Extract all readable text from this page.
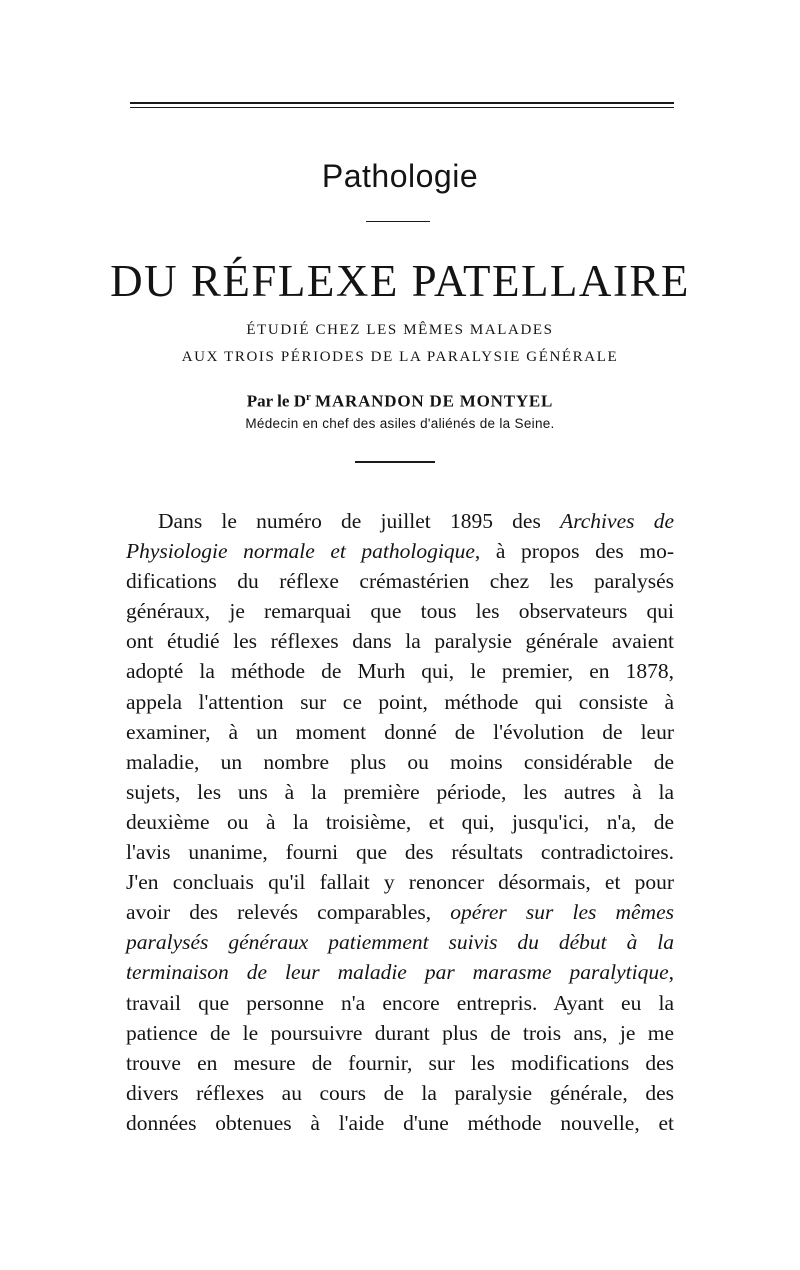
Pathologie
DU RÉFLEXE PATELLAIRE
ÉTUDIÉ CHEZ LES MÊMES MALADES
AUX TROIS PÉRIODES DE LA PARALYSIE GÉNÉRALE
Par le $D^r$ MARANDON DE MONTYEL
Médecin en chef des asiles d'aliénés de la Seine.
Dans le numéro de juillet 1895 des Archives de
Physiologie normale et pathologique, à propos des mo-
difications du réflexe crémastérien chez les paralysés
généraux, je remarquai que tous les observateurs qui
ont étudié les réflexes dans la paralysie générale avaient
adopté la méthode de Murh qui, le premier, en 1878,
appela l'attention sur ce point, méthode qui consiste à
examiner, à un moment donné de l'évolution de leur
maladie, un nombre plus ou moins considérable de
sujets, les uns à la première période, les autres à la
deuxième ou à la troisième, et qui, jusqu'ici, n'a, de
l'avis unanime, fourni que des résultats contradictoires.
J'en concluais qu'il fallait y renoncer désormais, et pour
avoir des relevés comparables, opérer sur les mêmes
paralysés généraux patiemment suivis du début à la
terminaison de leur maladie par marasme paralytique,
travail que personne n'a encore entrepris. Ayant eu la
patience de le poursuivre durant plus de trois ans, je me
trouve en mesure de fournir, sur les modifications des
divers réflexes au cours de la paralysie générale, des
données obtenues à l'aide d'une méthode nouvelle, et
